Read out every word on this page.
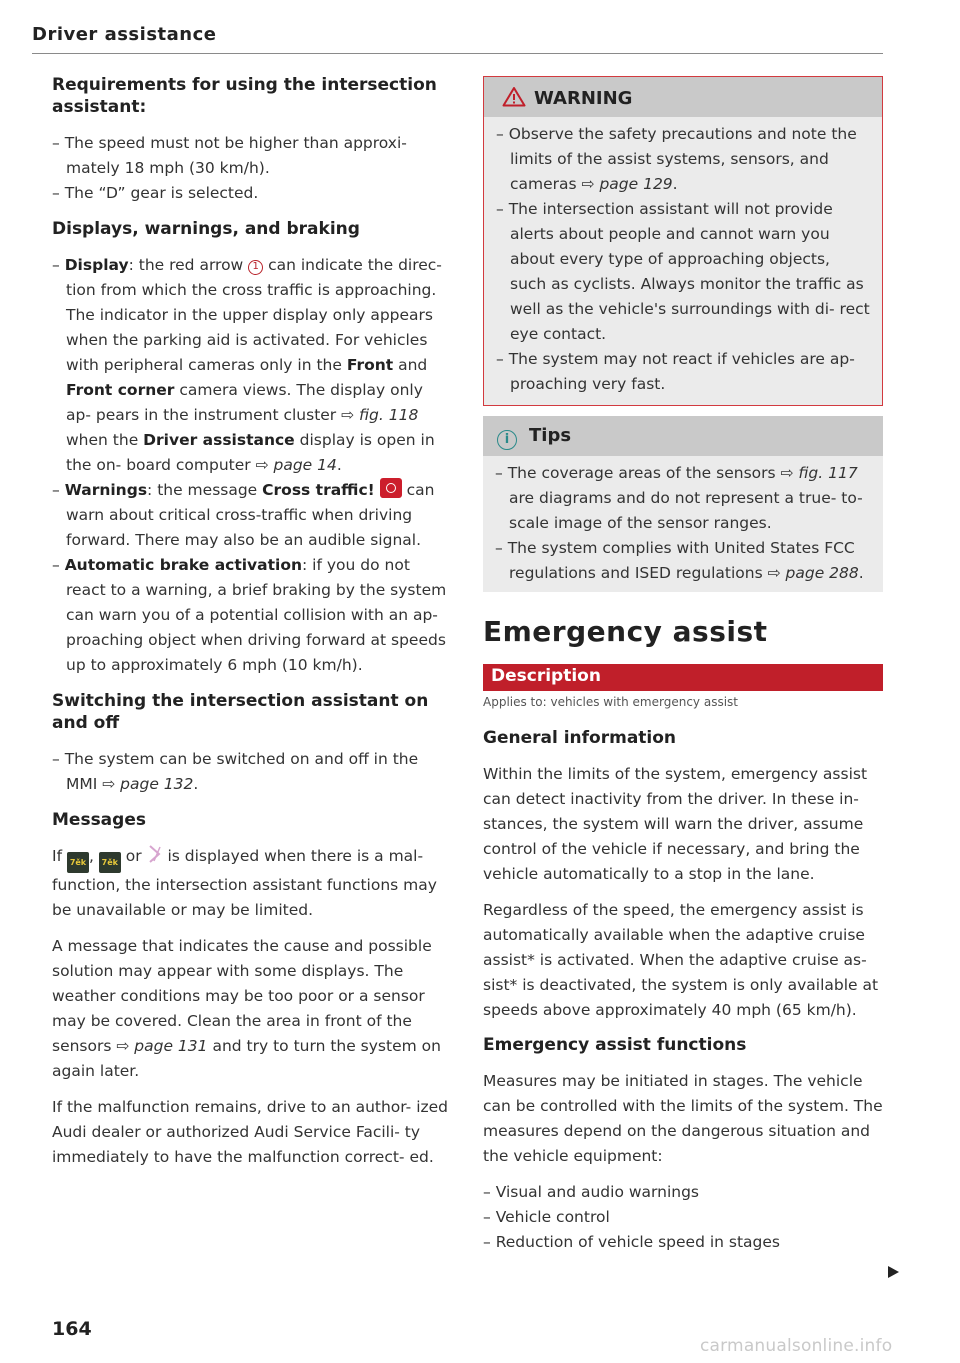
Driver assistance
Requirements for using the intersection assistant:
– The speed must not be higher than approxi- mately 18 mph (30 km/h).
– The “D” gear is selected.
Displays, warnings, and braking
– Display: the red arrow 1 can indicate the direc- tion from which the cross traffic is approaching. The indicator in the upper display only appears when the parking aid is activated. For vehicles with peripheral cameras only in the Front and Front corner camera views. The display only ap- pears in the instrument cluster ⇨ fig. 118 when the Driver assistance display is open in the on- board computer ⇨ page 14.
– Warnings: the message Cross traffic!  can warn about critical cross-traffic when driving forward. There may also be an audible signal.
– Automatic brake activation: if you do not react to a warning, a brief braking by the system can warn you of a potential collision with an ap- proaching object when driving forward at speeds up to approximately 6 mph (10 km/h).
Switching the intersection assistant on and off
– The system can be switched on and off in the MMI ⇨ page 132.
Messages
If 7ěk , 7ěk or  is displayed when there is a mal- function, the intersection assistant functions may be unavailable or may be limited.
A message that indicates the cause and possible solution may appear with some displays. The weather conditions may be too poor or a sensor may be covered. Clean the area in front of the sensors ⇨ page 131 and try to turn the system on again later.
If the malfunction remains, drive to an author- ized Audi dealer or authorized Audi Service Facili- ty immediately to have the malfunction correct- ed.
WARNING
– Observe the safety precautions and note the limits of the assist systems, sensors, and cameras ⇨ page 129.
– The intersection assistant will not provide alerts about people and cannot warn you about every type of approaching objects, such as cyclists. Always monitor the traffic as well as the vehicle's surroundings with di- rect eye contact.
– The system may not react if vehicles are ap- proaching very fast.
i Tips
– The coverage areas of the sensors ⇨ fig. 117 are diagrams and do not represent a true- to-scale image of the sensor ranges.
– The system complies with United States FCC regulations and ISED regulations ⇨ page 288.
Emergency assist
Description
Applies to: vehicles with emergency assist
General information
Within the limits of the system, emergency assist can detect inactivity from the driver. In these in- stances, the system will warn the driver, assume control of the vehicle if necessary, and bring the vehicle automatically to a stop in the lane.
Regardless of the speed, the emergency assist is automatically available when the adaptive cruise assist* is activated. When the adaptive cruise as- sist* is deactivated, the system is only available at speeds above approximately 40 mph (65 km/h).
Emergency assist functions
Measures may be initiated in stages. The vehicle can be controlled with the limits of the system. The measures depend on the dangerous situation and the vehicle equipment:
– Visual and audio warnings
– Vehicle control
– Reduction of vehicle speed in stages
164
carmanualsonline.info
